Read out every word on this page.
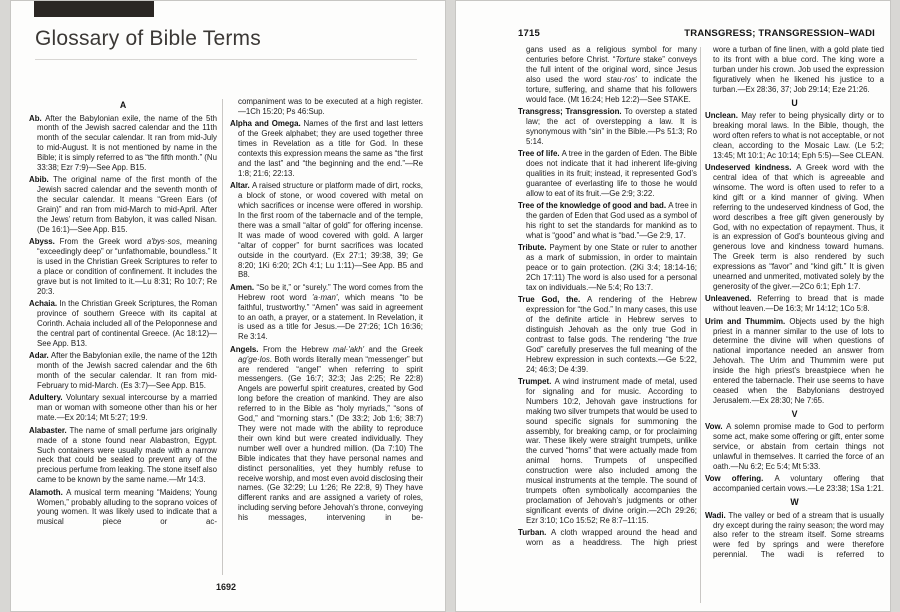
Glossary of Bible Terms
A

Ab. After the Babylonian exile, the name of the 5th month of the Jewish sacred calendar and the 11th month of the secular calendar. It ran from mid-July to mid-August. It is not mentioned by name in the Bible; it is simply referred to as “the fifth month.” (Nu 33:38; Ezr 7:9)—See App. B15.

Abib. The original name of the first month of the Jewish sacred calendar and the seventh month of the secular calendar. It means “Green Ears (of Grain)” and ran from mid-March to mid-April. After the Jews’ return from Babylon, it was called Nisan. (De 16:1)—See App. B15.

Abyss. From the Greek word a'bys·sos, meaning “exceedingly deep” or “unfathomable, boundless.” It is used in the Christian Greek Scriptures to refer to a place or condition of confinement. It includes the grave but is not limited to it.—Lu 8:31; Ro 10:7; Re 20:3.

Achaia. In the Christian Greek Scriptures, the Roman province of southern Greece with its capital at Corinth. Achaia included all of the Peloponnese and the central part of continental Greece. (Ac 18:12)—See App. B13.

Adar. After the Babylonian exile, the name of the 12th month of the Jewish sacred calendar and the 6th month of the secular calendar. It ran from mid-February to mid-March. (Es 3:7)—See App. B15.

Adultery. Voluntary sexual intercourse by a married man or woman with someone other than his or her mate.—Ex 20:14; Mt 5:27; 19:9.

Alabaster. The name of small perfume jars originally made of a stone found near Alabastron, Egypt. Such containers were usually made with a narrow neck that could be sealed to prevent any of the precious perfume from leaking. The stone itself also came to be known by the same name.—Mr 14:3.

Alamoth. A musical term meaning “Maidens; Young Women,” probably alluding to the soprano voices of young women. It was likely used to indicate that a musical piece or ac-

companiment was to be executed at a high register.—1Ch 15:20; Ps 46:Sup.

Alpha and Omega. Names of the first and last letters of the Greek alphabet; they are used together three times in Revelation as a title for God. In these contexts this expression means the same as “the first and the last” and “the beginning and the end.”—Re 1:8; 21:6; 22:13.

Altar. A raised structure or platform made of dirt, rocks, a block of stone, or wood covered with metal on which sacrifices or incense were offered in worship. In the first room of the tabernacle and of the temple, there was a small “altar of gold” for offering incense. It was made of wood covered with gold. A larger “altar of copper” for burnt sacrifices was located outside in the courtyard. (Ex 27:1; 39:38, 39; Ge 8:20; 1Ki 6:20; 2Ch 4:1; Lu 1:11)—See App. B5 and B8.

Amen. “So be it,” or “surely.” The word comes from the Hebrew root word 'a·man', which means “to be faithful, trustworthy.” “Amen” was said in agreement to an oath, a prayer, or a statement. In Revelation, it is used as a title for Jesus.—De 27:26; 1Ch 16:36; Re 3:14.

Angels. From the Hebrew mal·'akh' and the Greek ag'ge·los. Both words literally mean “messenger” but are rendered “angel” when referring to spirit messengers. (Ge 16:7; 32:3; Jas 2:25; Re 22:8) Angels are powerful spirit creatures, created by God long before the creation of mankind. They are also referred to in the Bible as “holy myriads,” “sons of God,” and “morning stars.” (De 33:2; Job 1:6; 38:7) They were not made with the ability to reproduce their own kind but were created individually. They number well over a hundred million. (Da 7:10) The Bible indicates that they have personal names and distinct personalities, yet they humbly refuse to receive worship, and most even avoid disclosing their names. (Ge 32:29; Lu 1:26; Re 22:8, 9) They have different ranks and are assigned a variety of roles, including serving before Jehovah’s throne, conveying his messages, intervening in be-

1692
1715	TRANSGRESS; TRANSGRESSION–WADI

gans used as a religious symbol for many centuries before Christ. “Torture stake” conveys the full intent of the original word, since Jesus also used the word stau·ros' to indicate the torture, suffering, and shame that his followers would face. (Mt 16:24; Heb 12:2)—See STAKE.

Transgress; Transgression. To overstep a stated law; the act of overstepping a law. It is synonymous with “sin” in the Bible.—Ps 51:3; Ro 5:14.

Tree of life. A tree in the garden of Eden. The Bible does not indicate that it had inherent life-giving qualities in its fruit; instead, it represented God’s guarantee of everlasting life to those he would allow to eat of its fruit.—Ge 2:9; 3:22.

Tree of the knowledge of good and bad. A tree in the garden of Eden that God used as a symbol of his right to set the standards for mankind as to what is “good” and what is “bad.”—Ge 2:9, 17.

Tribute. Payment by one State or ruler to another as a mark of submission, in order to maintain peace or to gain protection. (2Ki 3:4; 18:14-16; 2Ch 17:11) The word is also used for a personal tax on individuals.—Ne 5:4; Ro 13:7.

True God, the. A rendering of the Hebrew expression for “the God.” In many cases, this use of the definite article in Hebrew serves to distinguish Jehovah as the only true God in contrast to false gods. The rendering “the true God” carefully preserves the full meaning of the Hebrew expression in such contexts.—Ge 5:22, 24; 46:3; De 4:39.

Trumpet. A wind instrument made of metal, used for signaling and for music. According to Numbers 10:2, Jehovah gave instructions for making two silver trumpets that would be used to sound specific signals for summoning the assembly, for breaking camp, or for proclaiming war. These likely were straight trumpets, unlike the curved “horns” that were actually made from animal horns. Trumpets of unspecified construction were also included among the musical instruments at the temple. The sound of trumpets often symbolically accompanies the proclamation of Jehovah’s judgments or other significant events of divine origin.—2Ch 29:26; Ezr 3:10; 1Co 15:52; Re 8:7–11:15.

Turban. A cloth wrapped around the head and worn as a headdress. The high priest

wore a turban of fine linen, with a gold plate tied to its front with a blue cord. The king wore a turban under his crown. Job used the expression figuratively when he likened his justice to a turban.—Ex 28:36, 37; Job 29:14; Eze 21:26.

U

Unclean. May refer to being physically dirty or to breaking moral laws. In the Bible, though, the word often refers to what is not acceptable, or not clean, according to the Mosaic Law. (Le 5:2; 13:45; Mt 10:1; Ac 10:14; Eph 5:5)—See CLEAN.

Undeserved kindness. A Greek word with the central idea of that which is agreeable and winsome. The word is often used to refer to a kind gift or a kind manner of giving. When referring to the undeserved kindness of God, the word describes a free gift given generously by God, with no expectation of repayment. Thus, it is an expression of God’s bounteous giving and generous love and kindness toward humans. The Greek term is also rendered by such expressions as “favor” and “kind gift.” It is given unearned and unmerited, motivated solely by the generosity of the giver.—2Co 6:1; Eph 1:7.

Unleavened. Referring to bread that is made without leaven.—De 16:3; Mr 14:12; 1Co 5:8.

Urim and Thummim. Objects used by the high priest in a manner similar to the use of lots to determine the divine will when questions of national importance needed an answer from Jehovah. The Urim and Thummim were put inside the high priest’s breastpiece when he entered the tabernacle. Their use seems to have ceased when the Babylonians destroyed Jerusalem.—Ex 28:30; Ne 7:65.

V

Vow. A solemn promise made to God to perform some act, make some offering or gift, enter some service, or abstain from certain things not unlawful in themselves. It carried the force of an oath.—Nu 6:2; Ec 5:4; Mt 5:33.

Vow offering. A voluntary offering that accompanied certain vows.—Le 23:38; 1Sa 1:21.

W

Wadi. The valley or bed of a stream that is usually dry except during the rainy season; the word may also refer to the stream itself. Some streams were fed by springs and were therefore perennial. The wadi is referred to
